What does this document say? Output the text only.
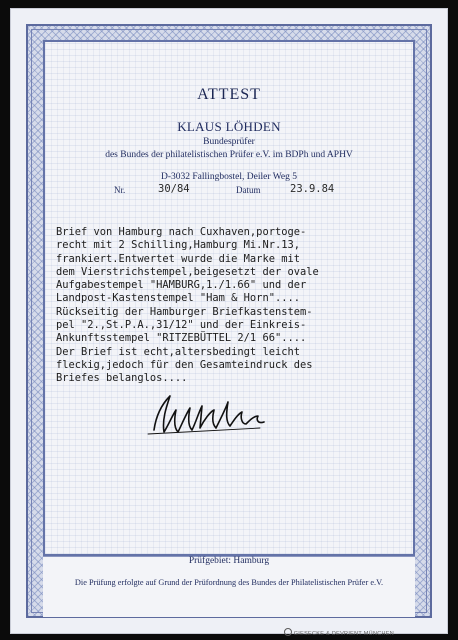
ATTEST
KLAUS LÖHDEN
Bundesprüfer
des Bundes der philatelistischen Prüfer e.V. im BDPh und APHV
D-3032 Fallingbostel, Deiler Weg 5
Nr.	30/84	Datum	23.9.84
Brief von Hamburg nach Cuxhaven,portoge-
recht mit 2 Schilling,Hamburg Mi.Nr.13,
frankiert.Entwertet wurde die Marke mit
dem Vierstrichstempel,beigesetzt der ovale
Aufgabestempel "HAMBURG,1./1.66" und der
Landpost-Kastenstempel "Ham & Horn"....
Rückseitig der Hamburger Briefkastenstem-
pel "2.,St.P.A.,31/12" und der Einkreis-
Ankunftsstempel "RITZEBÜTTEL 2/1 66"....
Der Brief ist echt,altersbedingt leicht
fleckig,jedoch für den Gesamteindruck des
Briefes belanglos....
Prüfgebiet: Hamburg
Die Prüfung erfolgte auf Grund der Prüfordnung des Bundes der Philatelistischen Prüfer e.V.
GIESECKE & DEVRIENT MÜNCHEN
